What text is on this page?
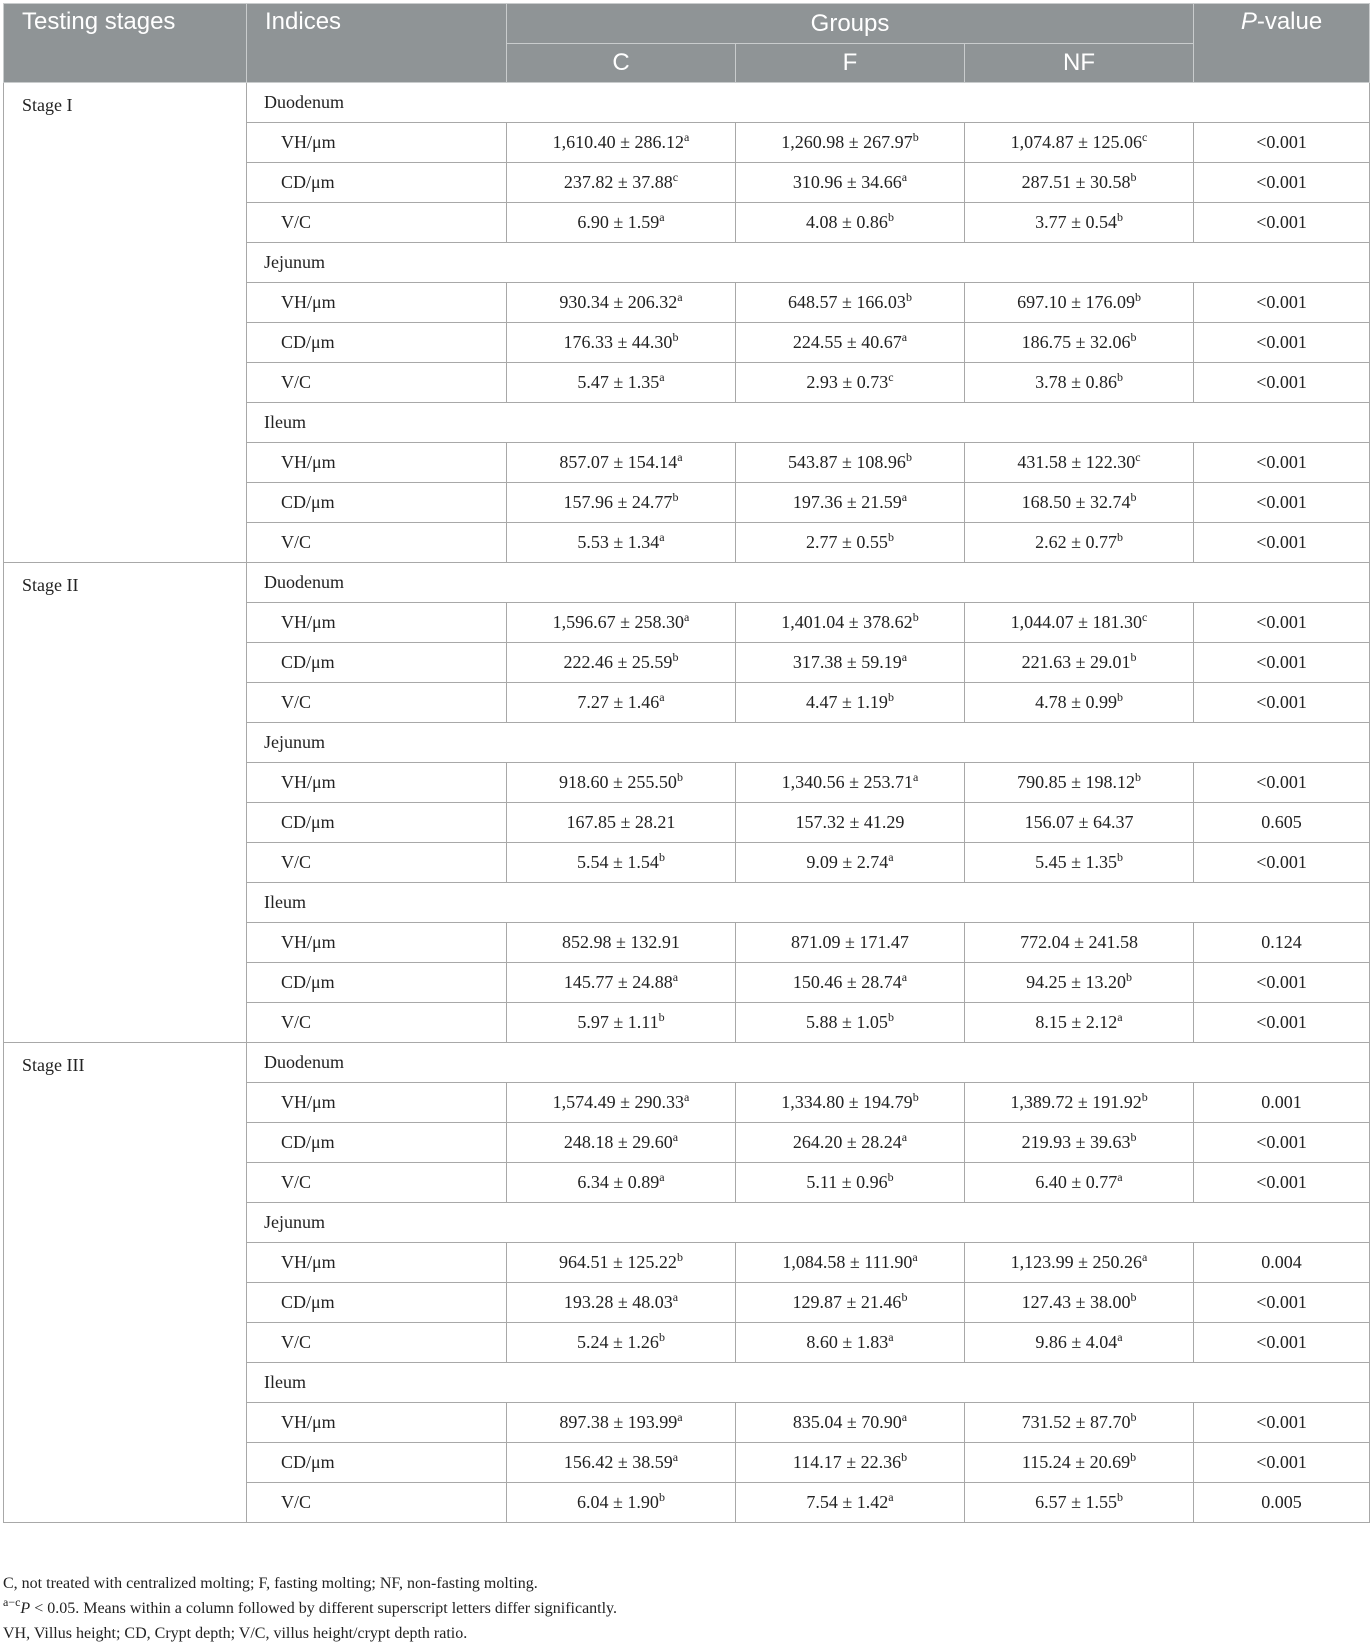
Testing stages	Indices	Groups			P-value
		C	F	NF	
Stage I	Duodenum				
	VH/μm	1,610.40 ± 286.12$^a$	1,260.98 ± 267.97$^b$	1,074.87 ± 125.06$^c$	<0.001
	CD/μm	237.82 ± 37.88$^c$	310.96 ± 34.66$^a$	287.51 ± 30.58$^b$	<0.001
	V/C	6.90 ± 1.59$^a$	4.08 ± 0.86$^b$	3.77 ± 0.54$^b$	<0.001
	Jejunum				
	VH/μm	930.34 ± 206.32$^a$	648.57 ± 166.03$^b$	697.10 ± 176.09$^b$	<0.001
	CD/μm	176.33 ± 44.30$^b$	224.55 ± 40.67$^a$	186.75 ± 32.06$^b$	<0.001
	V/C	5.47 ± 1.35$^a$	2.93 ± 0.73$^c$	3.78 ± 0.86$^b$	<0.001
	Ileum				
	VH/μm	857.07 ± 154.14$^a$	543.87 ± 108.96$^b$	431.58 ± 122.30$^c$	<0.001
	CD/μm	157.96 ± 24.77$^b$	197.36 ± 21.59$^a$	168.50 ± 32.74$^b$	<0.001
	V/C	5.53 ± 1.34$^a$	2.77 ± 0.55$^b$	2.62 ± 0.77$^b$	<0.001
Stage II	Duodenum				
	VH/μm	1,596.67 ± 258.30$^a$	1,401.04 ± 378.62$^b$	1,044.07 ± 181.30$^c$	<0.001
	CD/μm	222.46 ± 25.59$^b$	317.38 ± 59.19$^a$	221.63 ± 29.01$^b$	<0.001
	V/C	7.27 ± 1.46$^a$	4.47 ± 1.19$^b$	4.78 ± 0.99$^b$	<0.001
	Jejunum				
	VH/μm	918.60 ± 255.50$^b$	1,340.56 ± 253.71$^a$	790.85 ± 198.12$^b$	<0.001
	CD/μm	167.85 ± 28.21	157.32 ± 41.29	156.07 ± 64.37	0.605
	V/C	5.54 ± 1.54$^b$	9.09 ± 2.74$^a$	5.45 ± 1.35$^b$	<0.001
	Ileum				
	VH/μm	852.98 ± 132.91	871.09 ± 171.47	772.04 ± 241.58	0.124
	CD/μm	145.77 ± 24.88$^a$	150.46 ± 28.74$^a$	94.25 ± 13.20$^b$	<0.001
	V/C	5.97 ± 1.11$^b$	5.88 ± 1.05$^b$	8.15 ± 2.12$^a$	<0.001
Stage III	Duodenum				
	VH/μm	1,574.49 ± 290.33$^a$	1,334.80 ± 194.79$^b$	1,389.72 ± 191.92$^b$	0.001
	CD/μm	248.18 ± 29.60$^a$	264.20 ± 28.24$^a$	219.93 ± 39.63$^b$	<0.001
	V/C	6.34 ± 0.89$^a$	5.11 ± 0.96$^b$	6.40 ± 0.77$^a$	<0.001
	Jejunum				
	VH/μm	964.51 ± 125.22$^b$	1,084.58 ± 111.90$^a$	1,123.99 ± 250.26$^a$	0.004
	CD/μm	193.28 ± 48.03$^a$	129.87 ± 21.46$^b$	127.43 ± 38.00$^b$	<0.001
	V/C	5.24 ± 1.26$^b$	8.60 ± 1.83$^a$	9.86 ± 4.04$^a$	<0.001
	Ileum				
	VH/μm	897.38 ± 193.99$^a$	835.04 ± 70.90$^a$	731.52 ± 87.70$^b$	<0.001
	CD/μm	156.42 ± 38.59$^a$	114.17 ± 22.36$^b$	115.24 ± 20.69$^b$	<0.001
	V/C	6.04 ± 1.90$^b$	7.54 ± 1.42$^a$	6.57 ± 1.55$^b$	0.005
C, not treated with centralized molting; F, fasting molting; NF, non-fasting molting.
$^{a-c}$P < 0.05. Means within a column followed by different superscript letters differ significantly.
VH, Villus height; CD, Crypt depth; V/C, villus height/crypt depth ratio.
